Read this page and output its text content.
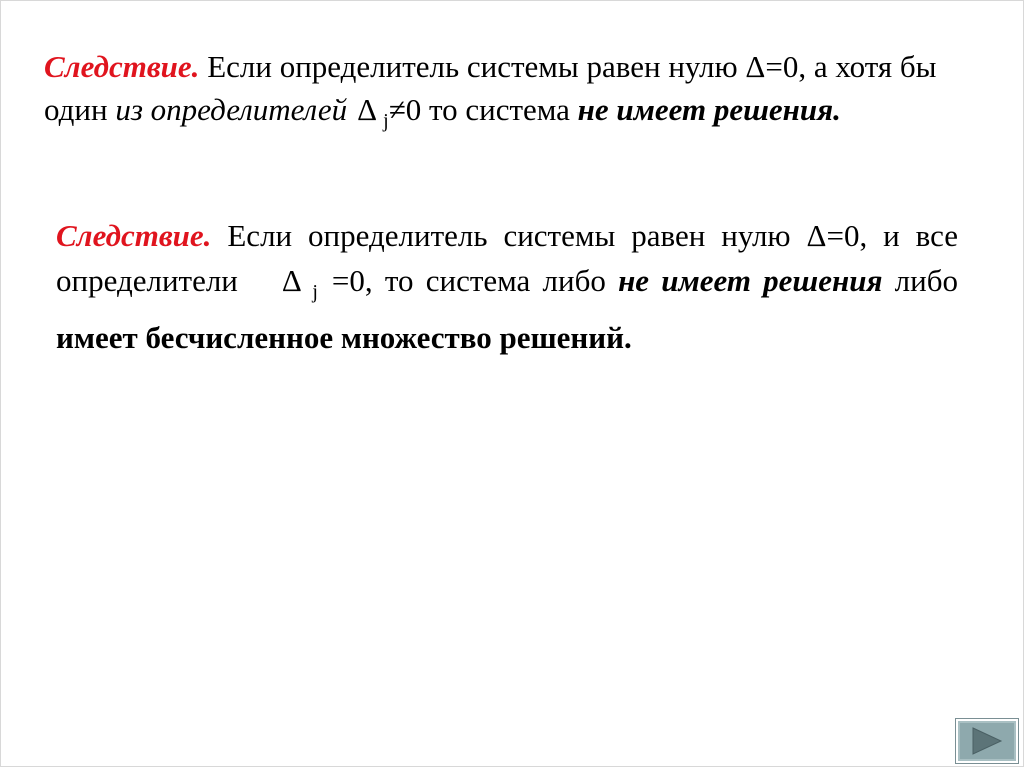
Следствие. Если определитель системы равен нулю Δ=0, а хотя бы один из определителей Δ $_j$≠0 то система не имеет решения.
Следствие. Если определитель системы равен нулю Δ=0, и все определители Δ $_j$ =0, то система либо не имеет решения либо имеет бесчисленное множество решений.
